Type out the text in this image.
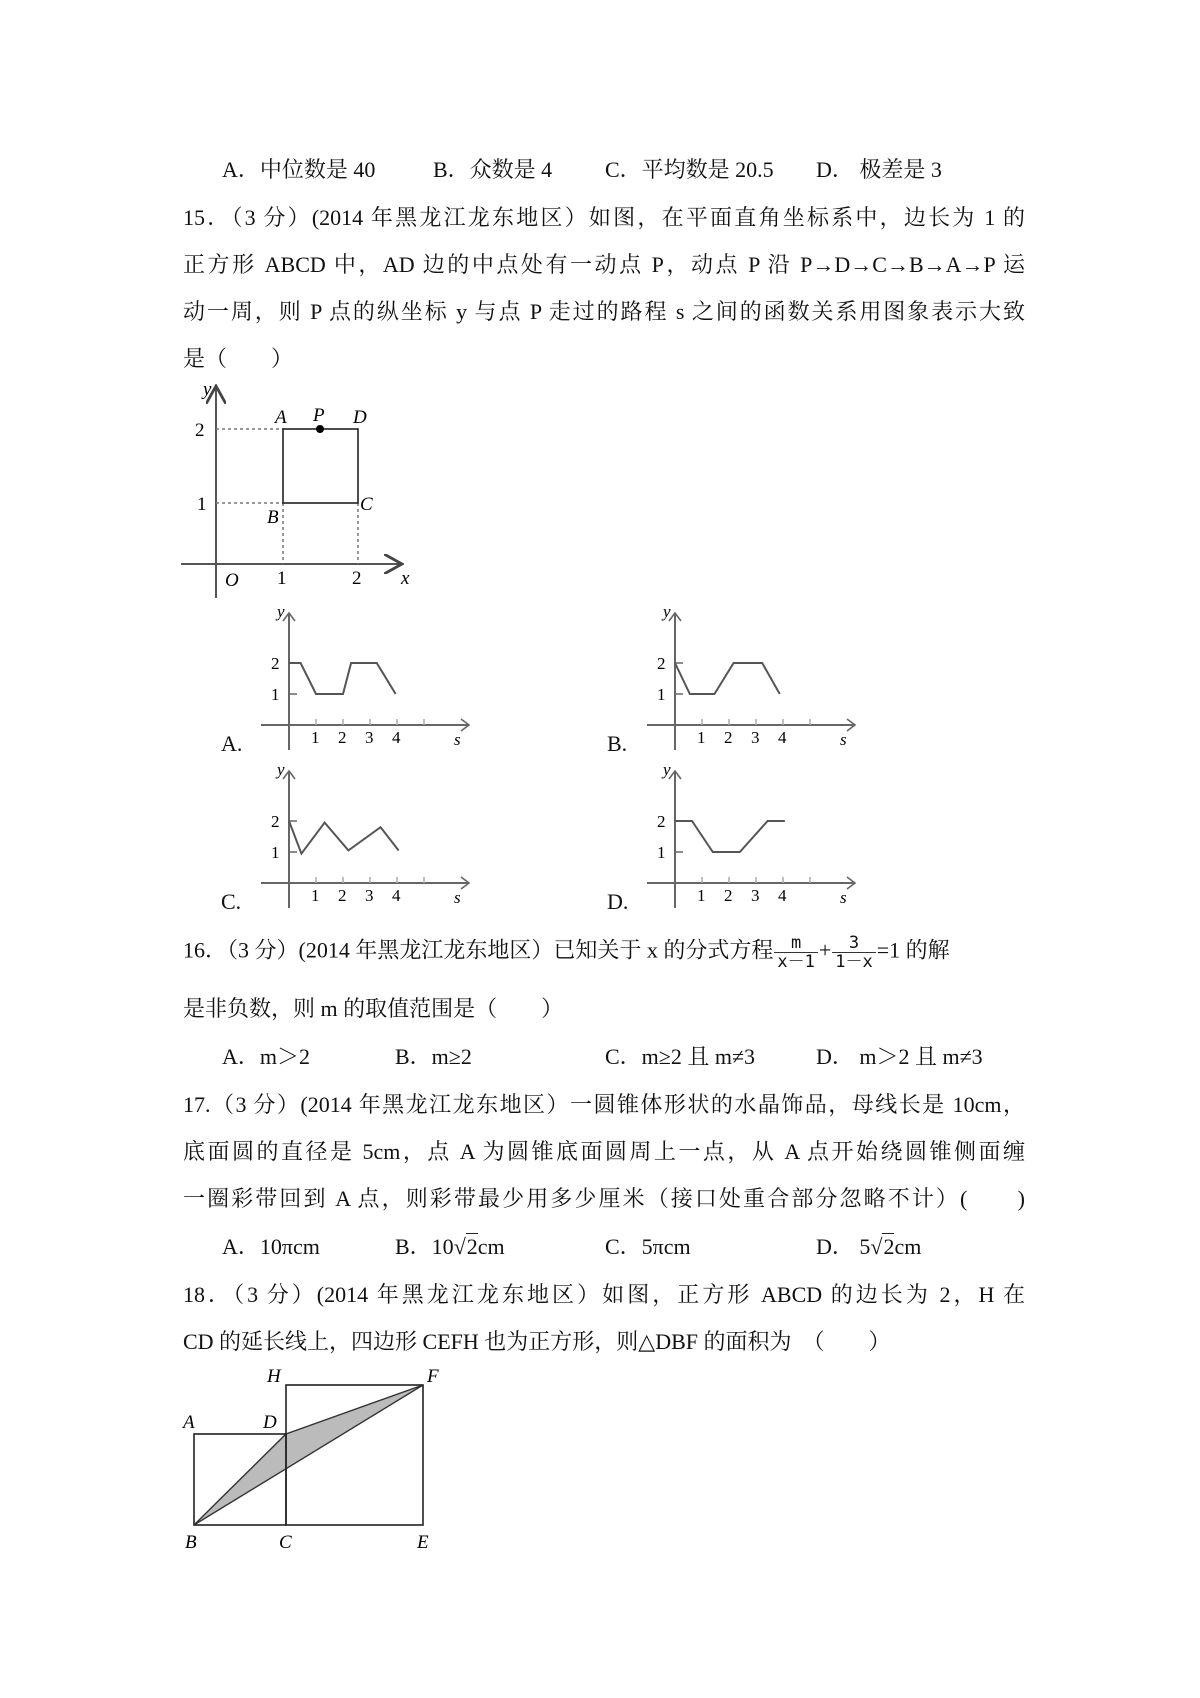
A．中位数是 40	B．众数是 4 C．平均数是 20.5 D． 极差是 3
15．（3 分）(2014 年黑龙江龙东地区）如图，在平面直角坐标系中，边长为 1 的
正方形 ABCD 中，AD 边的中点处有一动点 P，动点 P 沿 P→D→C→B→A→P 运
动一周，则 P 点的纵坐标 y 与点 P 走过的路程 s 之间的函数关系用图象表示大致
是（　　）
y
x
O
A P D
B
C
1	2
2
1
A.	1 2 3 4
1
2
y
s	B.	1 2 3 4
1
2
y
s
C.	1 2 3 4
1
2
y
s	D.	1 2 3 4
1
2
y
s
16．（3 分）(2014 年黑龙江龙东地区）已知关于 x 的分式方程 $\frac{m}{x-1} + \frac{3}{1-x} =1$ 的解
是非负数，则 m 的取值范围是（　　）
A．m＞2	B．m≥2	C．m≥2 且 m≠3	D． m＞2 且 m≠3
17.（3 分）(2014 年黑龙江龙东地区）一圆锥体形状的水晶饰品，母线长是 10cm，
底面圆的直径是 5cm，点 A 为圆锥底面圆周上一点，从 A 点开始绕圆锥侧面缠
一圈彩带回到 A 点，则彩带最少用多少厘米（接口处重合部分忽略不计）(　　)
A．10πcm	B．10√2cm	C．5πcm	D． 5√2cm
18．（3 分）(2014 年黑龙江龙东地区）如图，正方形 ABCD 的边长为 2，H 在
CD 的延长线上，四边形 CEFH 也为正方形，则△DBF 的面积为　（　　）
A	D
H	F
B	C	E
